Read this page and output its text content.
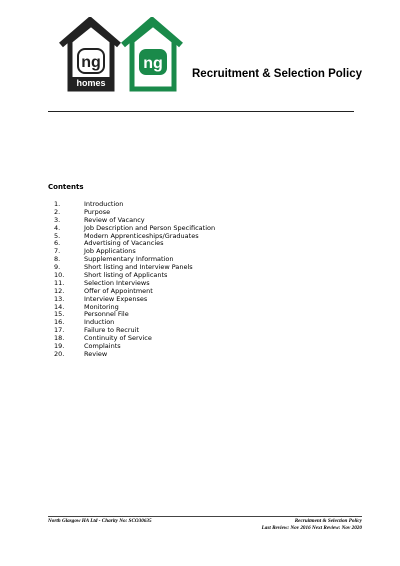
ng
homes
ng
Recruitment & Selection Policy
Contents
1.	Introduction
2.	Purpose
3.	Review of Vacancy
4.	Job Description and Person Specification
5.	Modern Apprenticeships/Graduates
6.	Advertising of Vacancies
7.	Job Applications
8.	Supplementary Information
9.	Short listing and Interview Panels
10.	Short listing of Applicants
11.	Selection Interviews
12.	Offer of Appointment
13.	Interview Expenses
14.	Monitoring
15.	Personnel File
16.	Induction
17.	Failure to Recruit
18.	Continuity of Service
19.	Complaints
20.	Review
North Glasgow HA Ltd - Charity No: SCO30635	Recruitment & Selection Policy
Last Review: Nov 2016 Next Review: Nov 2020
